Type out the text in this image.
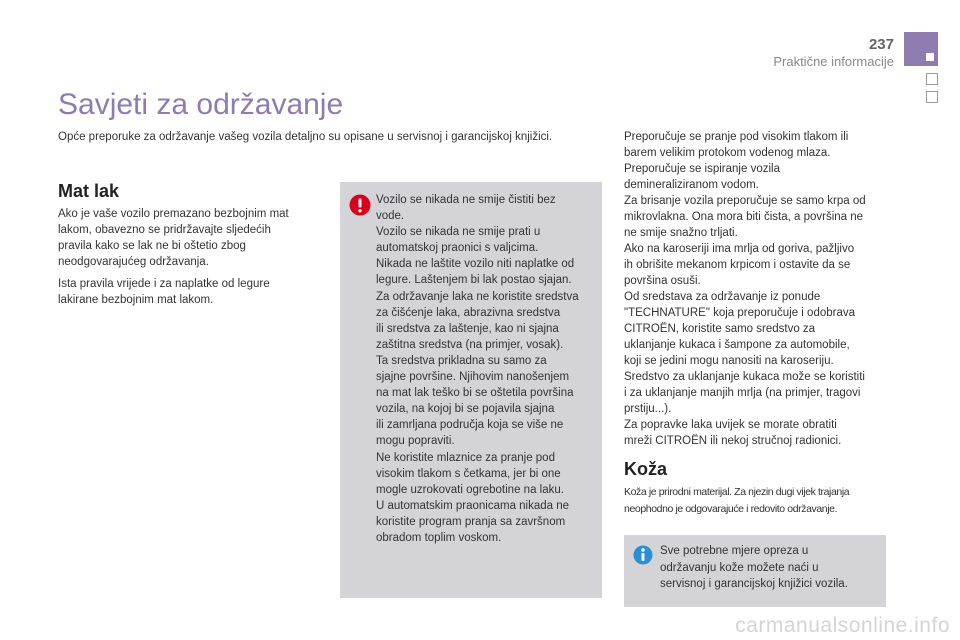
237
Praktične informacije
Savjeti za održavanje

Opće preporuke za održavanje vašeg vozila detaljno su opisane u servisnoj i garancijskoj knjižici.

Mat lak

Ako je vaše vozilo premazano bezbojnim mat
lakom, obavezno se pridržavajte sljedećih
pravila kako se lak ne bi oštetio zbog
neodgovarajućeg održavanja.

Ista pravila vrijede i za naplatke od legure
lakirane bezbojnim mat lakom.

Vozilo se nikada ne smije čistiti bez
vode.
Vozilo se nikada ne smije prati u
automatskoj praonici s valjcima.
Nikada ne laštite vozilo niti naplatke od
legure. Laštenjem bi lak postao sjajan.
Za održavanje laka ne koristite sredstva
za čišćenje laka, abrazivna sredstva
ili sredstva za laštenje, kao ni sjajna
zaštitna sredstva (na primjer, vosak).
Ta sredstva prikladna su samo za
sjajne površine. Njihovim nanošenjem
na mat lak teško bi se oštetila površina
vozila, na kojoj bi se pojavila sjajna
ili zamrljana područja koja se više ne
mogu popraviti.
Ne koristite mlaznice za pranje pod
visokim tlakom s četkama, jer bi one
mogle uzrokovati ogrebotine na laku.
U automatskim praonicama nikada ne
koristite program pranja sa završnom
obradom toplim voskom.

Preporučuje se pranje pod visokim tlakom ili
barem velikim protokom vodenog mlaza.
Preporučuje se ispiranje vozila
demineraliziranom vodom.
Za brisanje vozila preporučuje se samo krpa od
mikrovlakna. Ona mora biti čista, a površina ne
ne smije snažno trljati.
Ako na karoseriji ima mrlja od goriva, pažljivo
ih obrišite mekanom krpicom i ostavite da se
površina osuši.
Od sredstava za održavanje iz ponude
"TECHNATURE" koja preporučuje i odobrava
CITROËN, koristite samo sredstvo za
uklanjanje kukaca i šampone za automobile,
koji se jedini mogu nanositi na karoseriju.
Sredstvo za uklanjanje kukaca može se koristiti
i za uklanjanje manjih mrlja (na primjer, tragovi
prstiju...).
Za popravke laka uvijek se morate obratiti
mreži CITROËN ili nekoj stručnoj radionici.

Koža

Koža je prirodni materijal. Za njezin dugi vijek trajanja
neophodno je odgovarajuće i redovito održavanje.

Sve potrebne mjere opreza u
održavanju kože možete naći u
servisnoj i garancijskoj knjižici vozila.

carmanualsonline.info
